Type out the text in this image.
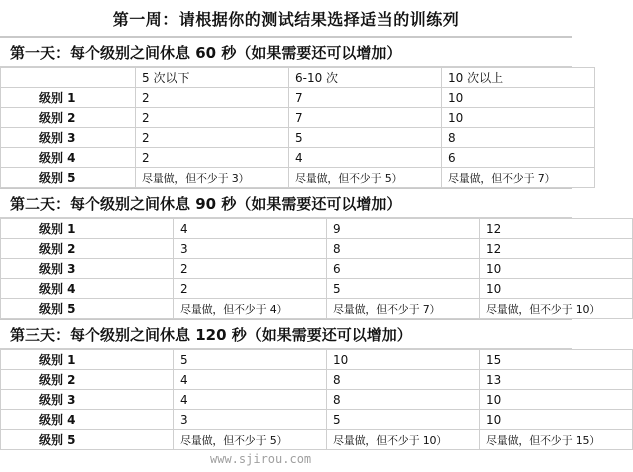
第一周：请根据你的测试结果选择适当的训练列
第一天：每个级别之间休息 60 秒（如果需要还可以增加）
	5 次以下	6-10 次	10 次以上
级别 1	2	7	10
级别 2	2	7	10
级别 3	2	5	8
级别 4	2	4	6
级别 5	尽量做，但不少于 3）	尽量做，但不少于 5）	尽量做，但不少于 7）
第二天：每个级别之间休息 90 秒（如果需要还可以增加）
级别 1	4	9	12
级别 2	3	8	12
级别 3	2	6	10
级别 4	2	5	10
级别 5	尽量做，但不少于 4）	尽量做，但不少于 7）	尽量做，但不少于 10）
第三天：每个级别之间休息 120 秒（如果需要还可以增加）
级别 1	5	10	15
级别 2	4	8	13
级别 3	4	8	10
级别 4	3	5	10
级别 5	尽量做，但不少于 5）	尽量做，但不少于 10）	尽量做，但不少于 15）
www.sjirou.com
